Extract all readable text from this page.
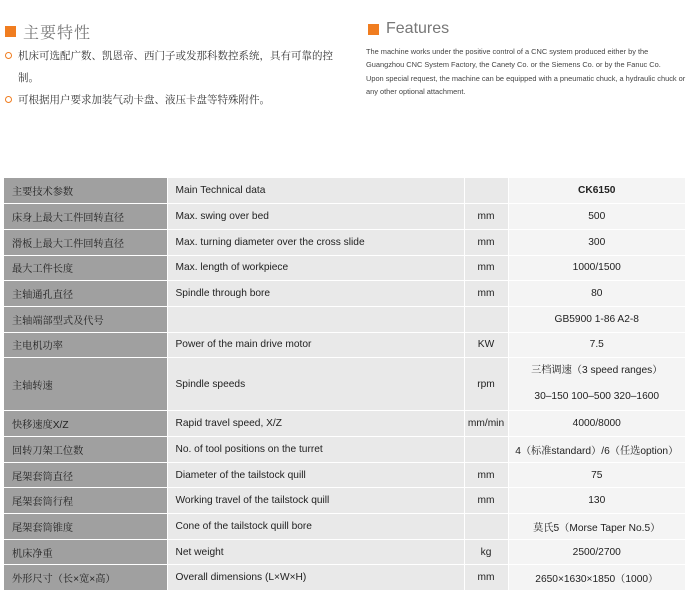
主要特性
机床可选配广数、凯恩帝、西门子或发那科数控系统，具有可靠的控制。
可根据用户要求加装气动卡盘、液压卡盘等特殊附件。
Features

The machine works under the positive control of a CNC system produced either by the Guangzhou CNC System Factory, the Canety Co. or the Siemens Co. or by the Fanuc Co.

Upon special request, the machine can be equipped with a pneumatic chuck, a hydraulic chuck or any other optional attachment.

主要技术参数	Main Technical data		CK6150
床身上最大工件回转直径	Max. swing over bed	mm	500
滑板上最大工件回转直径	Max. turning diameter over the cross slide	mm	300
最大工件长度	Max. length of workpiece	mm	1000/1500
主轴通孔直径	Spindle through bore	mm	80
主轴端部型式及代号			GB5900 1-86 A2-8
主电机功率	Power of the main drive motor	KW	7.5
主轴转速	Spindle speeds	rpm	三档调速（3 speed ranges）
30–150 100–500 320–1600

快移速度X/Z	Rapid travel speed, X/Z	mm/min	4000/8000
回转刀架工位数	No. of tool positions on the turret		4（标准standard）/6（任选option）
尾架套筒直径	Diameter of the tailstock quill	mm	75
尾架套筒行程	Working travel of the tailstock quill	mm	130
尾架套筒锥度	Cone of the tailstock quill bore		莫氏5（Morse Taper No.5）
机床净重	Net weight	kg	2500/2700
外形尺寸（长×宽×高）	Overall dimensions (L×W×H)	mm	2650×1630×1850（1000）
